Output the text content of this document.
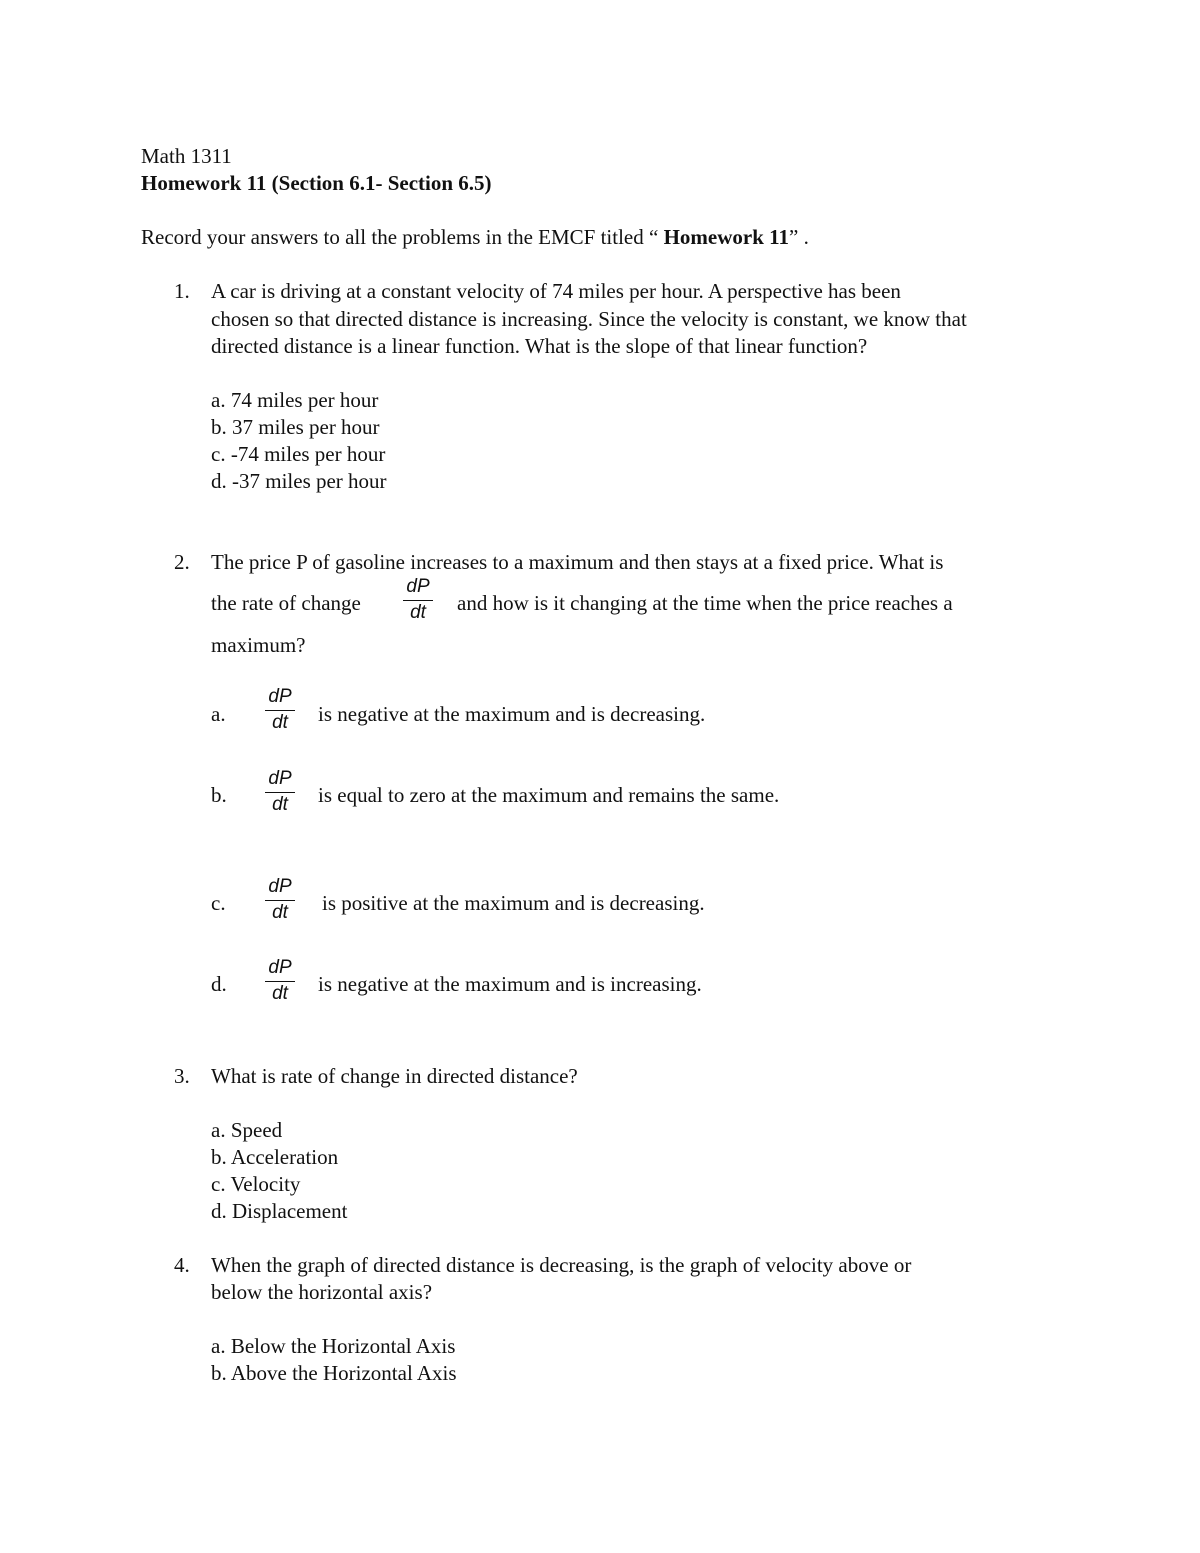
Math 1311
Homework 11 (Section 6.1- Section 6.5)
Record your answers to all the problems in the EMCF titled “ Homework 11” .
1. A car is driving at a constant velocity of 74 miles per hour. A perspective has been
chosen so that directed distance is increasing. Since the velocity is constant, we know that
directed distance is a linear function. What is the slope of that linear function?
a. 74 miles per hour
b. 37 miles per hour
c. -74 miles per hour
d. -37 miles per hour
2. The price P of gasoline increases to a maximum and then stays at a fixed price. What is
the rate of change
dP
dt	and how is it changing at the time when the price reaches a
maximum?
a.
dP
dt	is negative at the maximum and is decreasing.
b.
dP
dt	is equal to zero at the maximum and remains the same.
c.
dP
dt	is positive at the maximum and is decreasing.
d.
dP
dt	is negative at the maximum and is increasing.
3. What is rate of change in directed distance?
a. Speed
b. Acceleration
c. Velocity
d. Displacement
4. When the graph of directed distance is decreasing, is the graph of velocity above or
below the horizontal axis?
a. Below the Horizontal Axis
b. Above the Horizontal Axis
